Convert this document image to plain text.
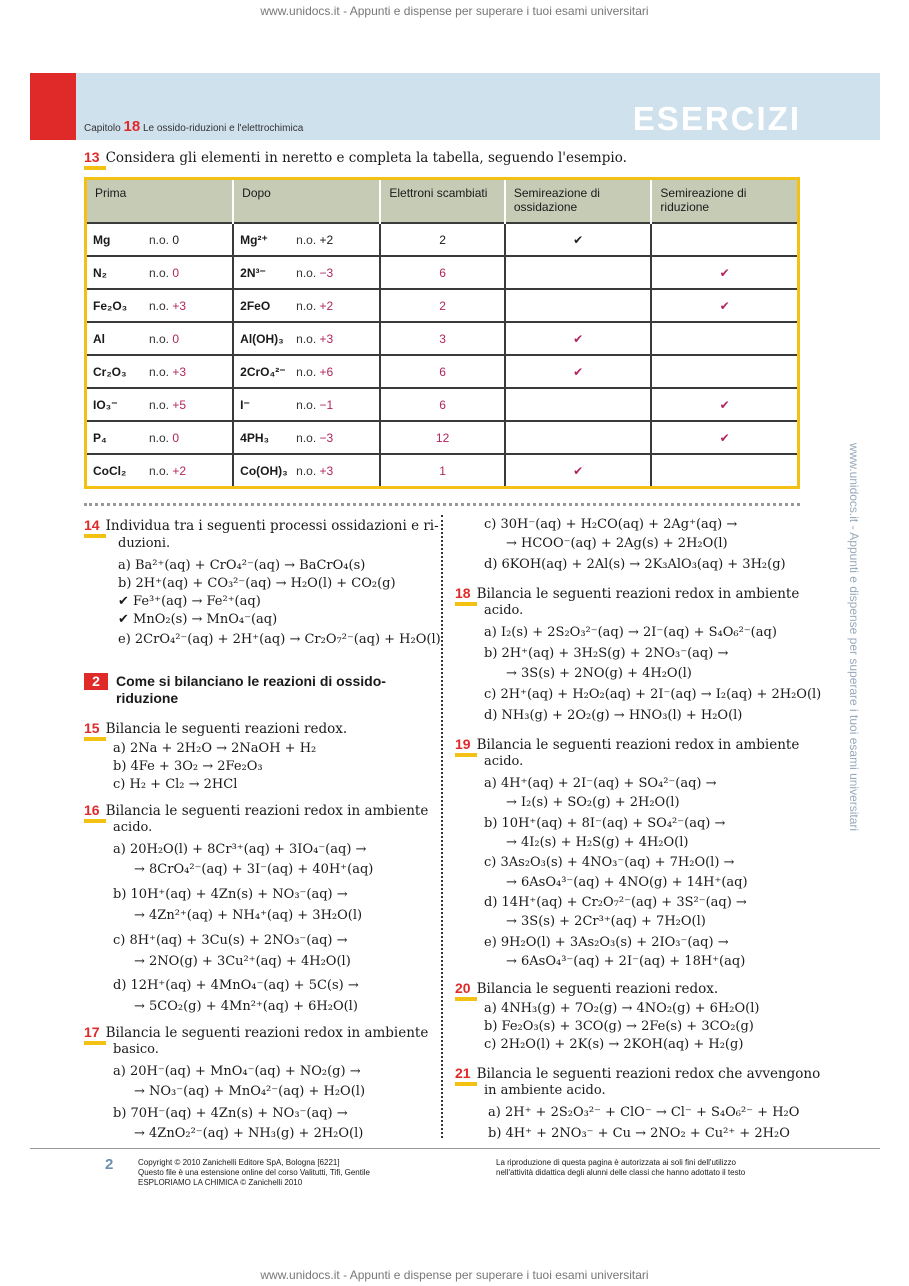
www.unidocs.it - Appunti e dispense per superare i tuoi esami universitari
www.unidocs.it - Appunti e dispense per superare i tuoi esami universitari
www.unidocs.it - Appunti e dispense per superare i tuoi esami universitari
Capitolo 18 Le ossido-riduzioni e l'elettrochimica	ESERCIZI
13 Considera gli elementi in neretto e completa la tabella, seguendo l'esempio.
Prima	Dopo	Elettroni scambiati	Semireazione di ossidazione	Semireazione di riduzione
Mg n.o. 0	Mg²⁺ n.o. +2	2	✔	
N₂ n.o. 0	2N³⁻ n.o. −3	6		✔
Fe₂O₃ n.o. +3	2FeO n.o. +2	2		✔
Al n.o. 0	Al(OH)₃ n.o. +3	3	✔	
Cr₂O₃ n.o. +3	2CrO₄²⁻ n.o. +6	6	✔	
IO₃⁻ n.o. +5	I⁻ n.o. −1	6		✔
P₄ n.o. 0	4PH₃ n.o. −3	12		✔
CoCl₂ n.o. +2	Co(OH)₃ n.o. +3	1	✔	
2 Come si bilanciano le reazioni di ossido-
riduzione
14 Individua tra i seguenti processi ossidazioni e ri-
duzioni.
a) Ba²⁺(aq) + CrO₄²⁻(aq) → BaCrO₄(s)
b) 2H⁺(aq) + CO₃²⁻(aq) → H₂O(l) + CO₂(g)
✔ Fe³⁺(aq) → Fe²⁺(aq)
✔ MnO₂(s) → MnO₄⁻(aq)
e) 2CrO₄²⁻(aq) + 2H⁺(aq) → Cr₂O₇²⁻(aq) + H₂O(l)
15 Bilancia le seguenti reazioni redox.
a) 2Na + 2H₂O → 2NaOH + H₂
b) 4Fe + 3O₂ → 2Fe₂O₃
c) H₂ + Cl₂ → 2HCl
16 Bilancia le seguenti reazioni redox in ambiente
acido.
a) 20H₂O(l) + 8Cr³⁺(aq) + 3IO₄⁻(aq) →
→ 8CrO₄²⁻(aq) + 3I⁻(aq) + 40H⁺(aq)
b) 10H⁺(aq) + 4Zn(s) + NO₃⁻(aq) →
→ 4Zn²⁺(aq) + NH₄⁺(aq) + 3H₂O(l)
c) 8H⁺(aq) + 3Cu(s) + 2NO₃⁻(aq) →
→ 2NO(g) + 3Cu²⁺(aq) + 4H₂O(l)
d) 12H⁺(aq) + 4MnO₄⁻(aq) + 5C(s) →
→ 5CO₂(g) + 4Mn²⁺(aq) + 6H₂O(l)
17 Bilancia le seguenti reazioni redox in ambiente
basico.
a) 20H⁻(aq) + MnO₄⁻(aq) + NO₂(g) →
→ NO₃⁻(aq) + MnO₄²⁻(aq) + H₂O(l)
b) 70H⁻(aq) + 4Zn(s) + NO₃⁻(aq) →
→ 4ZnO₂²⁻(aq) + NH₃(g) + 2H₂O(l)
c) 30H⁻(aq) + H₂CO(aq) + 2Ag⁺(aq) →
→ HCOO⁻(aq) + 2Ag(s) + 2H₂O(l)
d) 6KOH(aq) + 2Al(s) → 2K₃AlO₃(aq) + 3H₂(g)
18 Bilancia le seguenti reazioni redox in ambiente
acido.
a) I₂(s) + 2S₂O₃²⁻(aq) → 2I⁻(aq) + S₄O₆²⁻(aq)
b) 2H⁺(aq) + 3H₂S(g) + 2NO₃⁻(aq) →
→ 3S(s) + 2NO(g) + 4H₂O(l)
c) 2H⁺(aq) + H₂O₂(aq) + 2I⁻(aq) → I₂(aq) + 2H₂O(l)
d) NH₃(g) + 2O₂(g) → HNO₃(l) + H₂O(l)
19 Bilancia le seguenti reazioni redox in ambiente
acido.
a) 4H⁺(aq) + 2I⁻(aq) + SO₄²⁻(aq) →
→ I₂(s) + SO₂(g) + 2H₂O(l)
b) 10H⁺(aq) + 8I⁻(aq) + SO₄²⁻(aq) →
→ 4I₂(s) + H₂S(g) + 4H₂O(l)
c) 3As₂O₃(s) + 4NO₃⁻(aq) + 7H₂O(l) →
→ 6AsO₄³⁻(aq) + 4NO(g) + 14H⁺(aq)
d) 14H⁺(aq) + Cr₂O₇²⁻(aq) + 3S²⁻(aq) →
→ 3S(s) + 2Cr³⁺(aq) + 7H₂O(l)
e) 9H₂O(l) + 3As₂O₃(s) + 2IO₃⁻(aq) →
→ 6AsO₄³⁻(aq) + 2I⁻(aq) + 18H⁺(aq)
20 Bilancia le seguenti reazioni redox.
a) 4NH₃(g) + 7O₂(g) → 4NO₂(g) + 6H₂O(l)
b) Fe₂O₃(s) + 3CO(g) → 2Fe(s) + 3CO₂(g)
c) 2H₂O(l) + 2K(s) → 2KOH(aq) + H₂(g)
21 Bilancia le seguenti reazioni redox che avvengono
in ambiente acido.
a) 2H⁺ + 2S₂O₃²⁻ + ClO⁻ → Cl⁻ + S₄O₆²⁻ + H₂O
b) 4H⁺ + 2NO₃⁻ + Cu → 2NO₂ + Cu²⁺ + 2H₂O
2	Copyright © 2010 Zanichelli Editore SpA, Bologna [6221]
Questo file è una estensione online del corso Valitutti, Tifi, Gentile
ESPLORIAMO LA CHIMICA © Zanichelli 2010
La riproduzione di questa pagina è autorizzata ai soli fini dell'utilizzo
nell'attività didattica degli alunni delle classi che hanno adottato il testo
